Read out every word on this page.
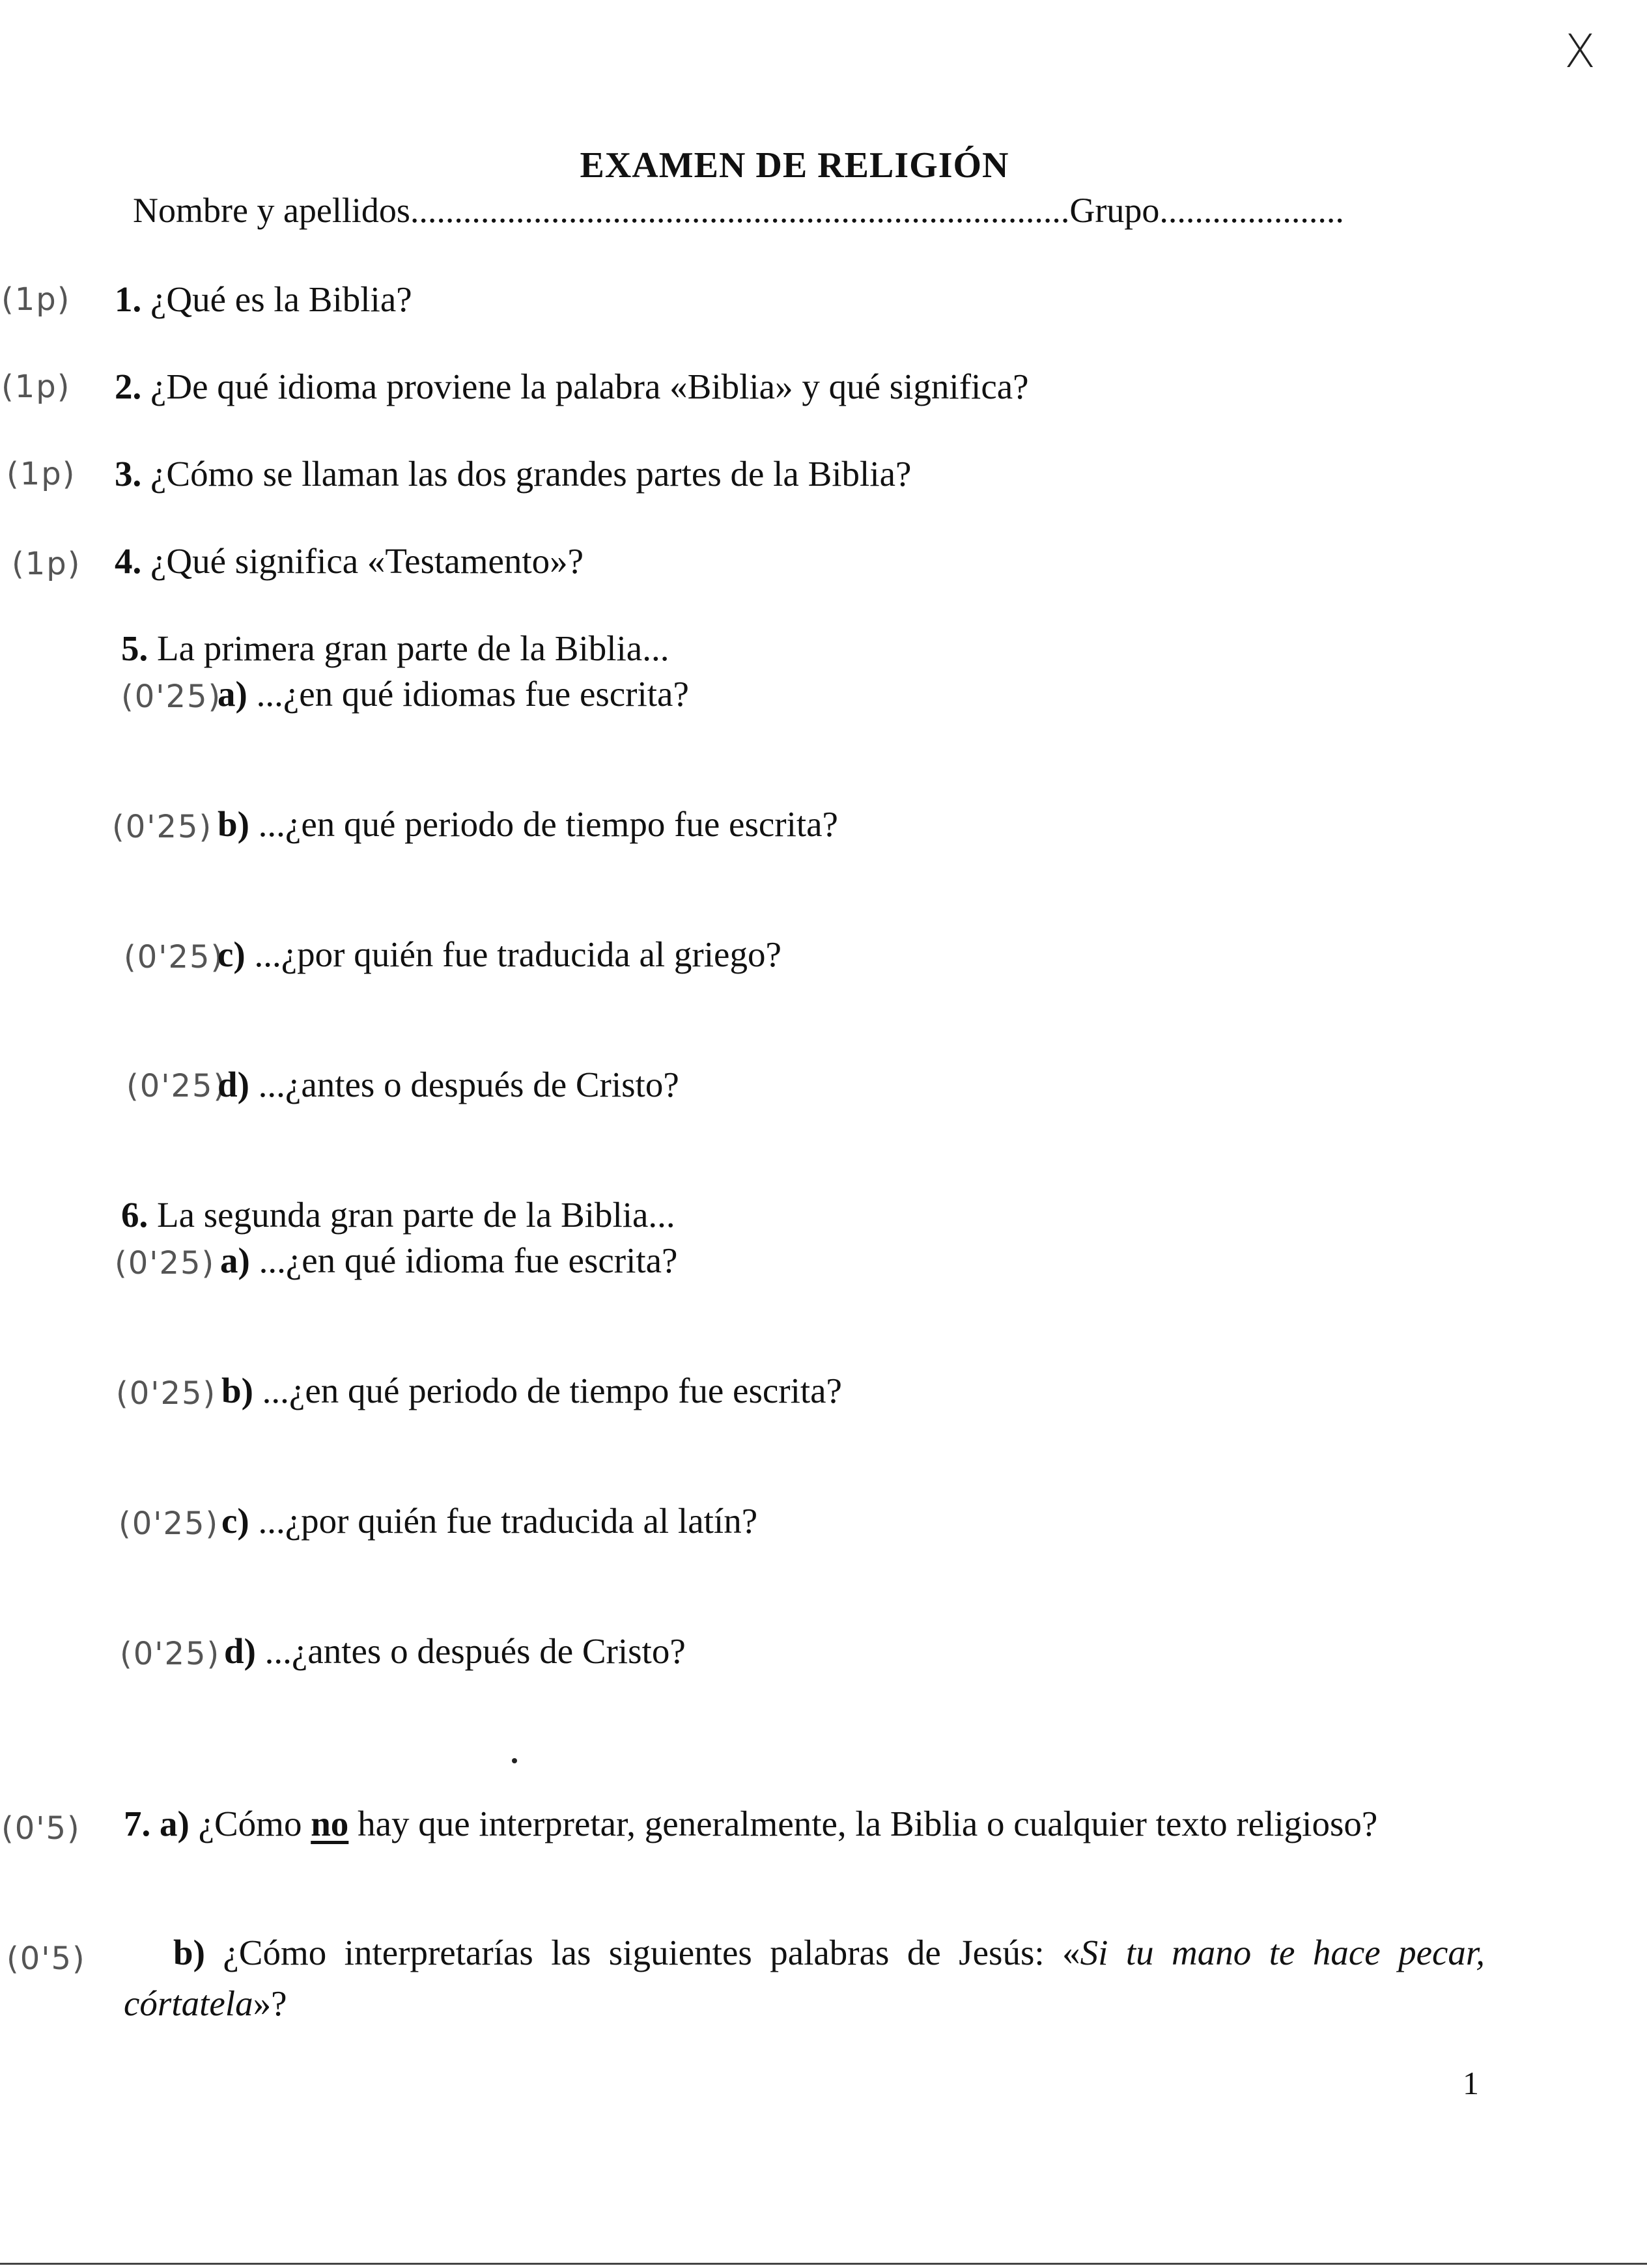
X
EXAMEN DE RELIGIÓN
Nombre y apellidos...........................................................................Grupo.....................
(1p) 1. ¿Qué es la Biblia?
(1p) 2. ¿De qué idioma proviene la palabra «Biblia» y qué significa?
(1p) 3. ¿Cómo se llaman las dos grandes partes de la Biblia?
(1p) 4. ¿Qué significa «Testamento»?
5. La primera gran parte de la Biblia...
(0'25)
a) ...¿en qué idiomas fue escrita?
(0'25) b) ...¿en qué periodo de tiempo fue escrita?
(0'25)
c) ...¿por quién fue traducida al griego?
(0'25)
d) ...¿antes o después de Cristo?
6. La segunda gran parte de la Biblia...
(0'25) a) ...¿en qué idioma fue escrita?
(0'25) b) ...¿en qué periodo de tiempo fue escrita?
(0'25) c) ...¿por quién fue traducida al latín?
(0'25) d) ...¿antes o después de Cristo?
(0'5) 7. a) ¿Cómo no hay que interpretar, generalmente, la Biblia o cualquier texto religioso?
(0'5)	b) ¿Cómo interpretarías las siguientes palabras de Jesús: «Si tu mano te hace pecar, córtatela»?
1
